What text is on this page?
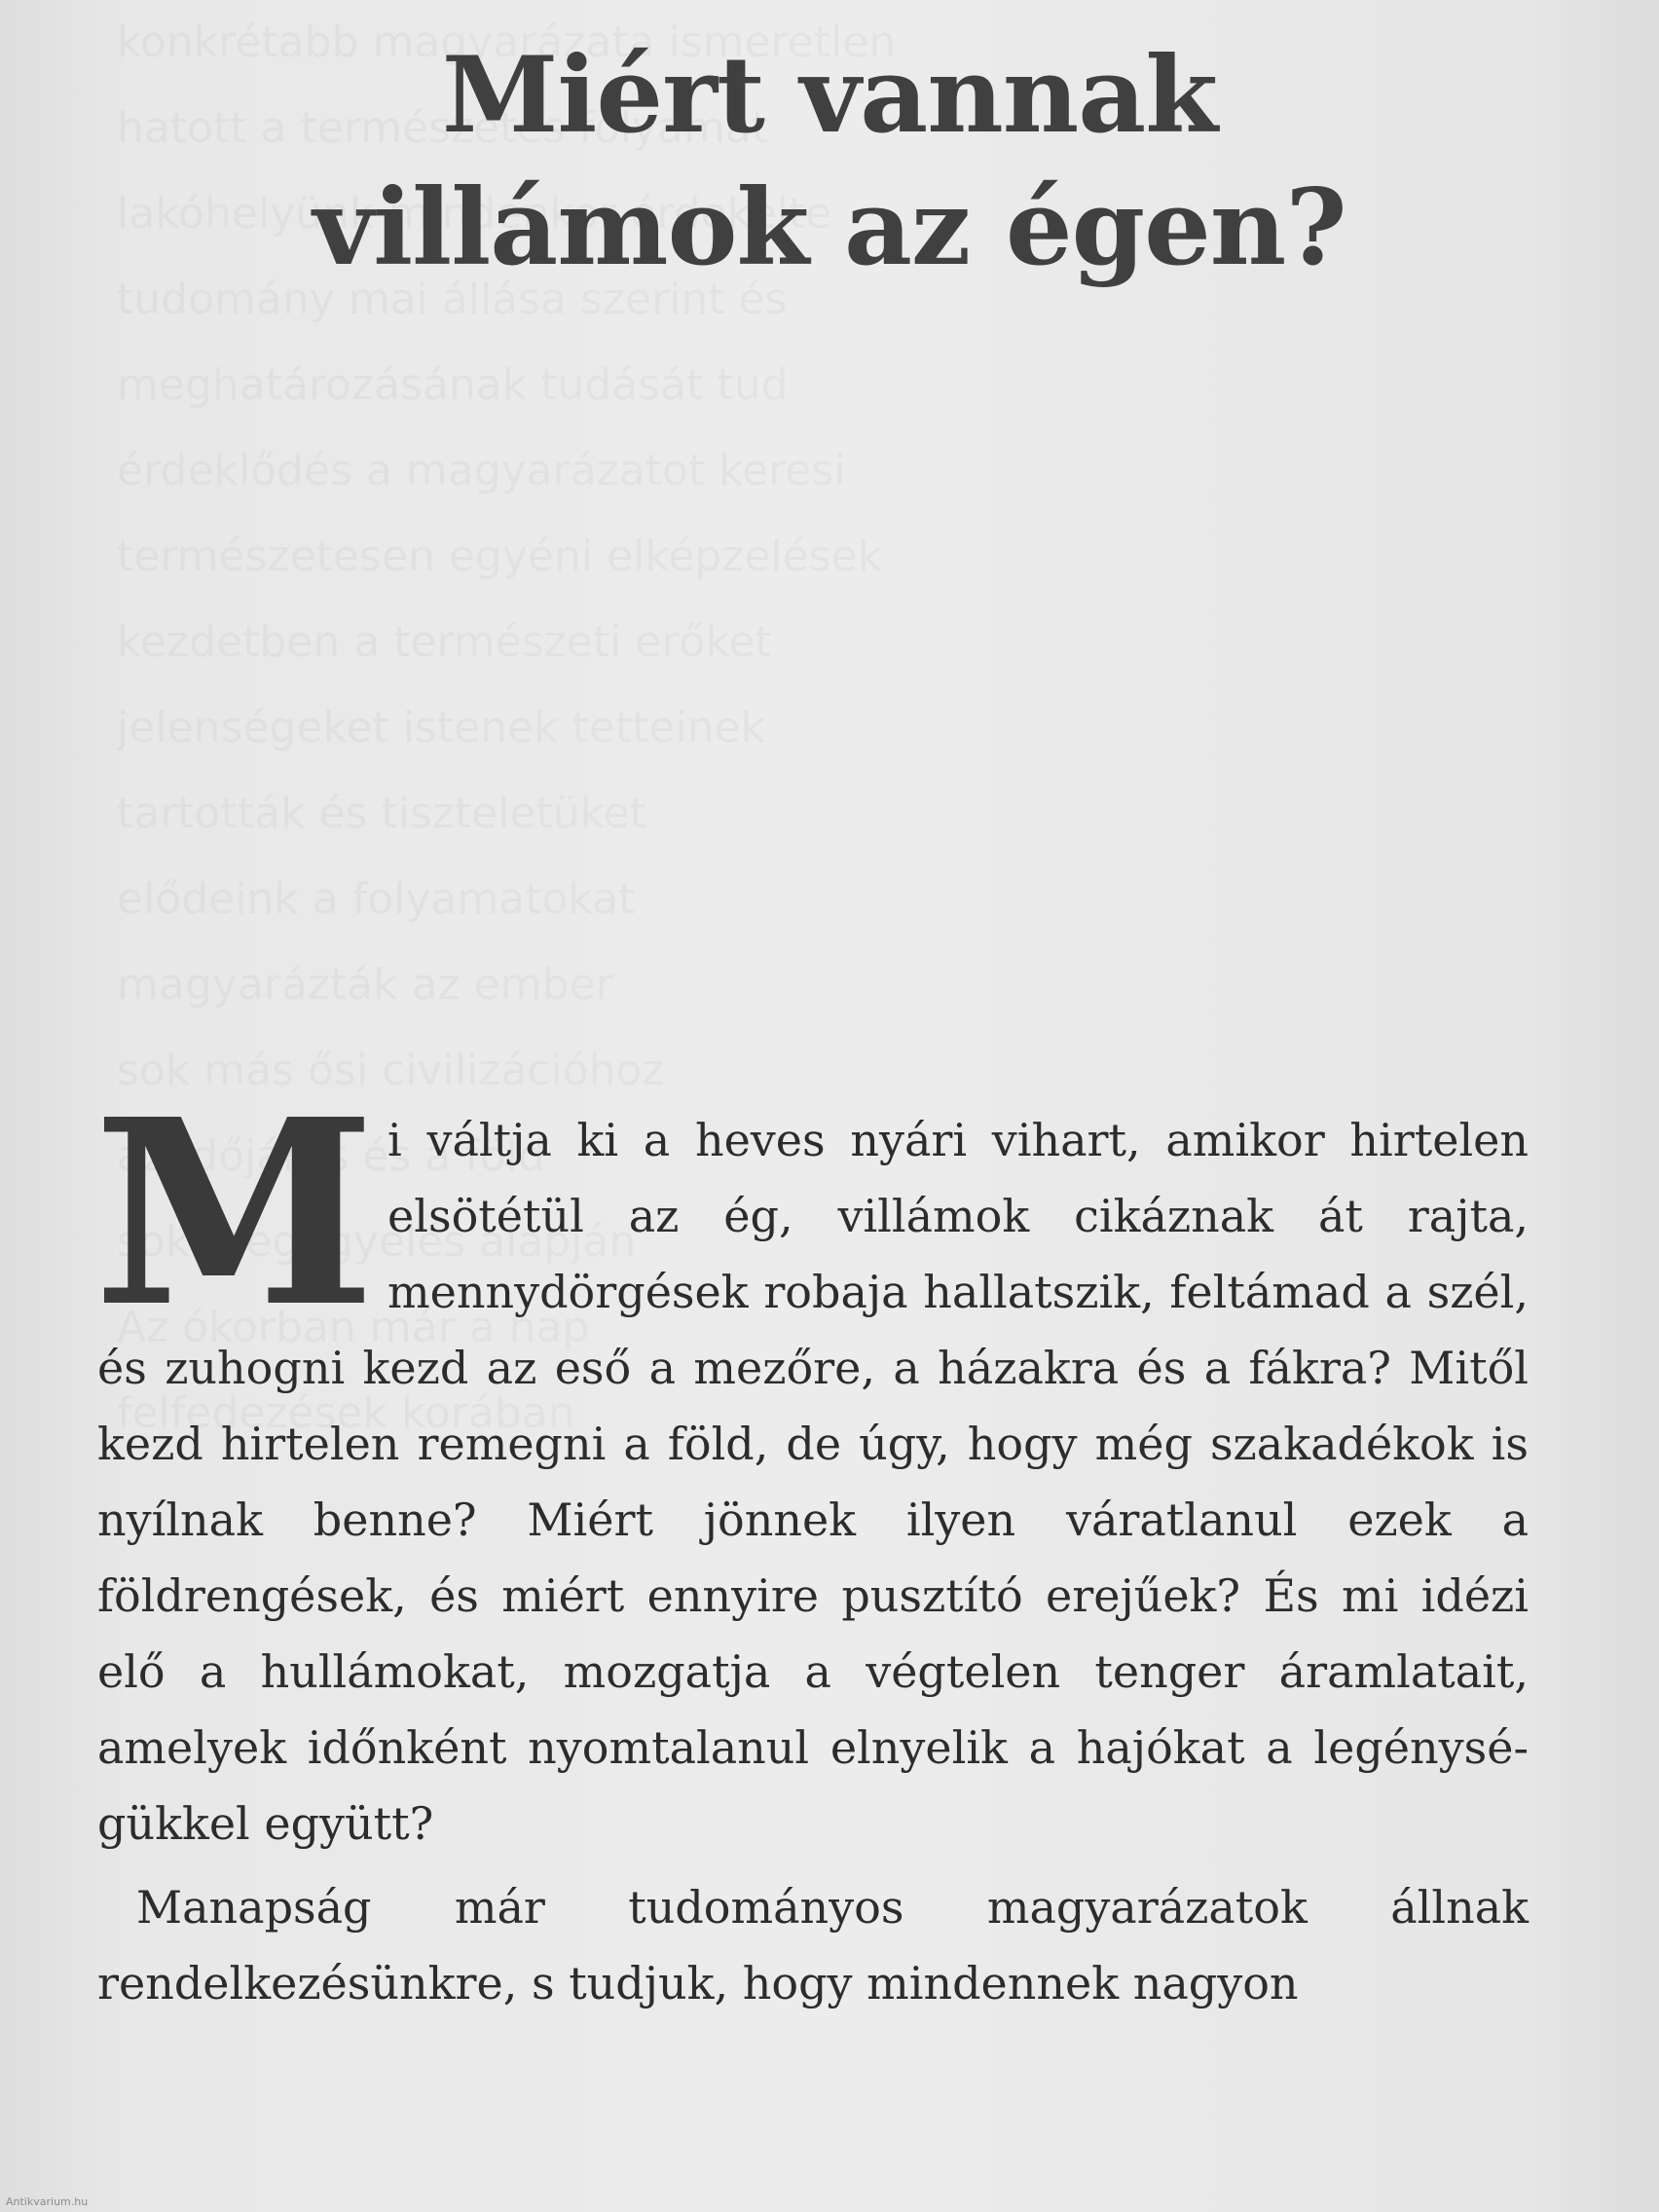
Miért vannak
villámok az égen?

Mi váltja ki a heves nyári vihart, amikor hirtelen elsötétül az ég, villámok cikáznak át rajta, mennydörgések robaja hallatszik, feltámad a szél, és zuhogni kezd az eső a mezőre, a házakra és a fákra? Mitől kezd hirtelen remegni a föld, de úgy, hogy még szakadékok is nyílnak benne? Miért jönnek ilyen váratlanul ezek a földrengések, és miért ennyire pusztító erejűek? És mi idézi elő a hullámokat, mozgatja a végtelen tenger áramlatait, amelyek időnként nyomtalanul elnyelik a hajókat a legénységükkel együtt?

Manapság már tudományos magyarázatok állnak rendelkezésünkre, s tudjuk, hogy mindennek nagyon

Antikvarium.hu
